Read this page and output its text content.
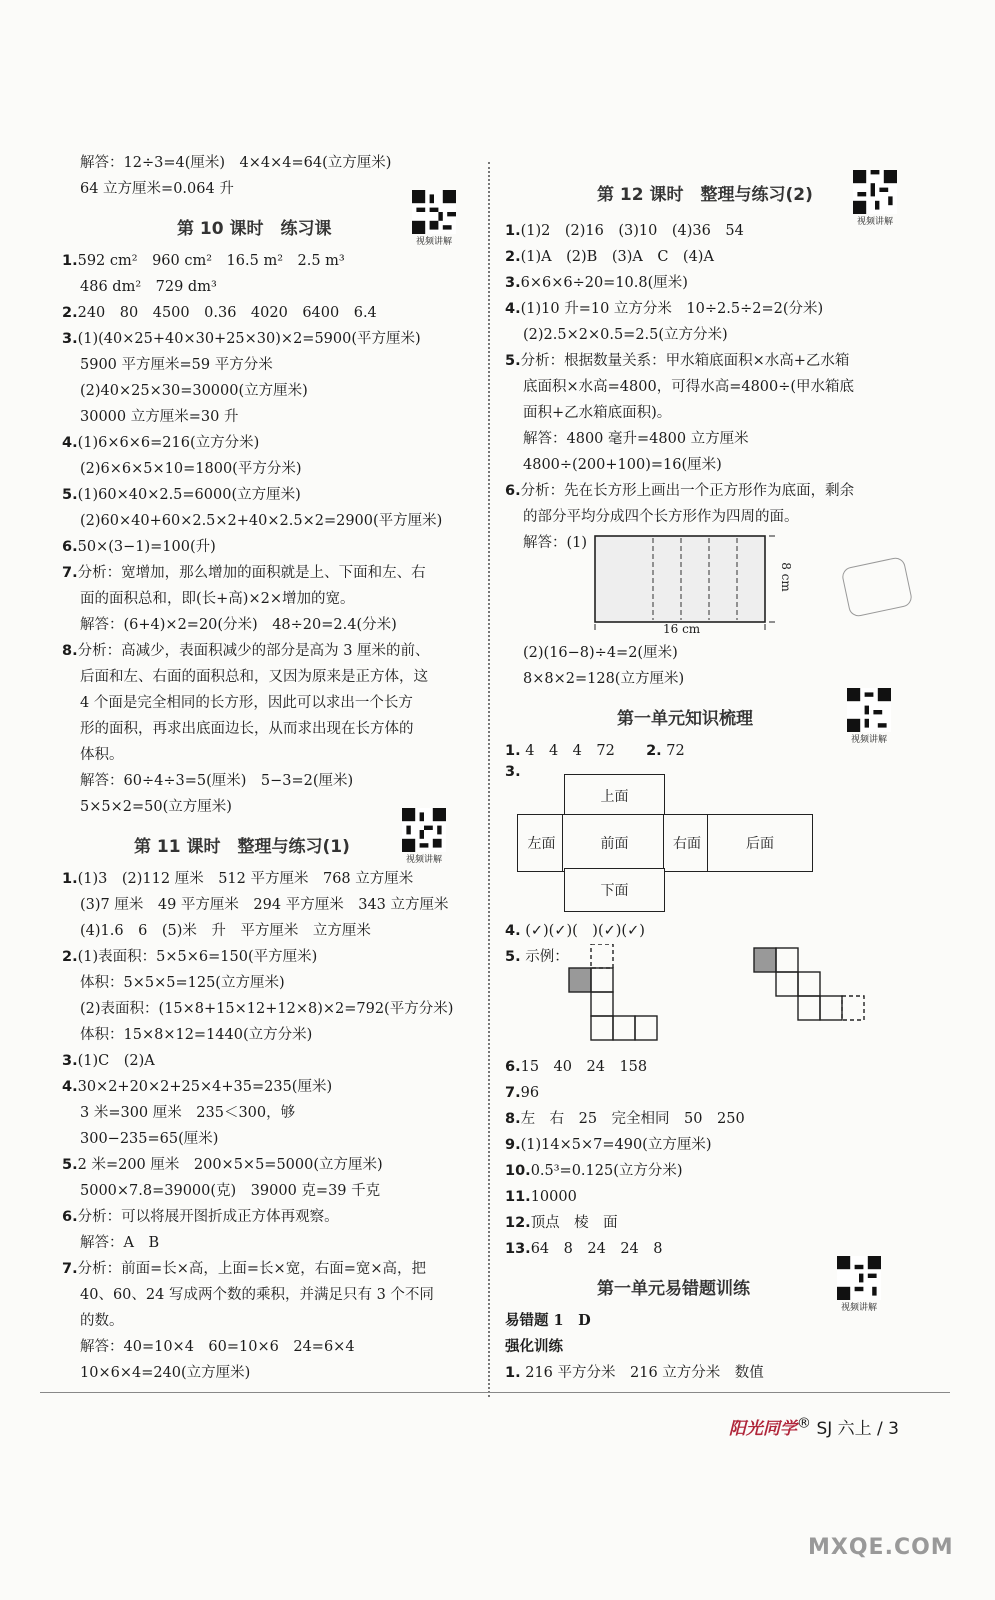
解答：12÷3=4(厘米)　4×4×4=64(立方厘米)
64 立方厘米=0.064 升
第 10 课时　练习课
视频讲解
1.592 cm²　960 cm²　16.5 m²　2.5 m³
486 dm²　729 dm³
2.240　80　4500　0.36　4020　6400　6.4
3.(1)(40×25+40×30+25×30)×2=5900(平方厘米)
5900 平方厘米=59 平方分米
(2)40×25×30=30000(立方厘米)
30000 立方厘米=30 升
4.(1)6×6×6=216(立方分米)
(2)6×6×5×10=1800(平方分米)
5.(1)60×40×2.5=6000(立方厘米)
(2)60×40+60×2.5×2+40×2.5×2=2900(平方厘米)
6.50×(3−1)=100(升)
7.分析：宽增加，那么增加的面积就是上、下面和左、右
面的面积总和，即(长+高)×2×增加的宽。
解答：(6+4)×2=20(分米)　48÷20=2.4(分米)
8.分析：高减少，表面积减少的部分是高为 3 厘米的前、
后面和左、右面的面积总和，又因为原来是正方体，这
4 个面是完全相同的长方形，因此可以求出一个长方
形的面积，再求出底面边长，从而求出现在长方体的
体积。
解答：60÷4÷3=5(厘米)　5−3=2(厘米)
5×5×2=50(立方厘米)
第 11 课时　整理与练习(1)
视频讲解
1.(1)3　(2)112 厘米　512 平方厘米　768 立方厘米
(3)7 厘米　49 平方厘米　294 平方厘米　343 立方厘米
(4)1.6　6　(5)米　升　平方厘米　立方厘米
2.(1)表面积：5×5×6=150(平方厘米)
体积：5×5×5=125(立方厘米)
(2)表面积：(15×8+15×12+12×8)×2=792(平方分米)
体积：15×8×12=1440(立方分米)
3.(1)C　(2)A
4.30×2+20×2+25×4+35=235(厘米)
3 米=300 厘米　235＜300，够
300−235=65(厘米)
5.2 米=200 厘米　200×5×5=5000(立方厘米)
5000×7.8=39000(克)　39000 克=39 千克
6.分析：可以将展开图折成正方体再观察。
解答：A　B
7.分析：前面=长×高，上面=长×宽，右面=宽×高，把
40、60、24 写成两个数的乘积，并满足只有 3 个不同
的数。
解答：40=10×4　60=10×6　24=6×4
10×6×4=240(立方厘米)
第 12 课时　整理与练习(2)
视频讲解
1.(1)2　(2)16　(3)10　(4)36　54
2.(1)A　(2)B　(3)A　C　(4)A
3.6×6×6÷20=10.8(厘米)
4.(1)10 升=10 立方分米　10÷2.5÷2=2(分米)
(2)2.5×2×0.5=2.5(立方分米)
5.分析：根据数量关系：甲水箱底面积×水高+乙水箱
底面积×水高=4800，可得水高=4800÷(甲水箱底
面积+乙水箱底面积)。
解答：4800 毫升=4800 立方厘米
4800÷(200+100)=16(厘米)
6.分析：先在长方形上画出一个正方形作为底面，剩余
的部分平均分成四个长方形作为四周的面。
解答：(1)
16 cm
8 cm
(2)(16−8)÷4=2(厘米)
8×8×2=128(立方厘米)
第一单元知识梳理
视频讲解
1. 4　4　4　72 2. 72
3.
上面
左面	前面	右面	后面
下面
4. (✓)(✓)(　)(✓)(✓)
5. 示例：
6.15　40　24　158
7.96
8.左　右　25　完全相同　50　250
9.(1)14×5×7=490(立方厘米)
10.0.5³=0.125(立方分米)
11.10000
12.顶点　棱　面
13.64　8　24　24　8
第一单元易错题训练
视频讲解
易错题 1　D
强化训练
1. 216 平方分米　216 立方分米　数值
阳光同学® SJ 六上 / 3
MXQE.COM
